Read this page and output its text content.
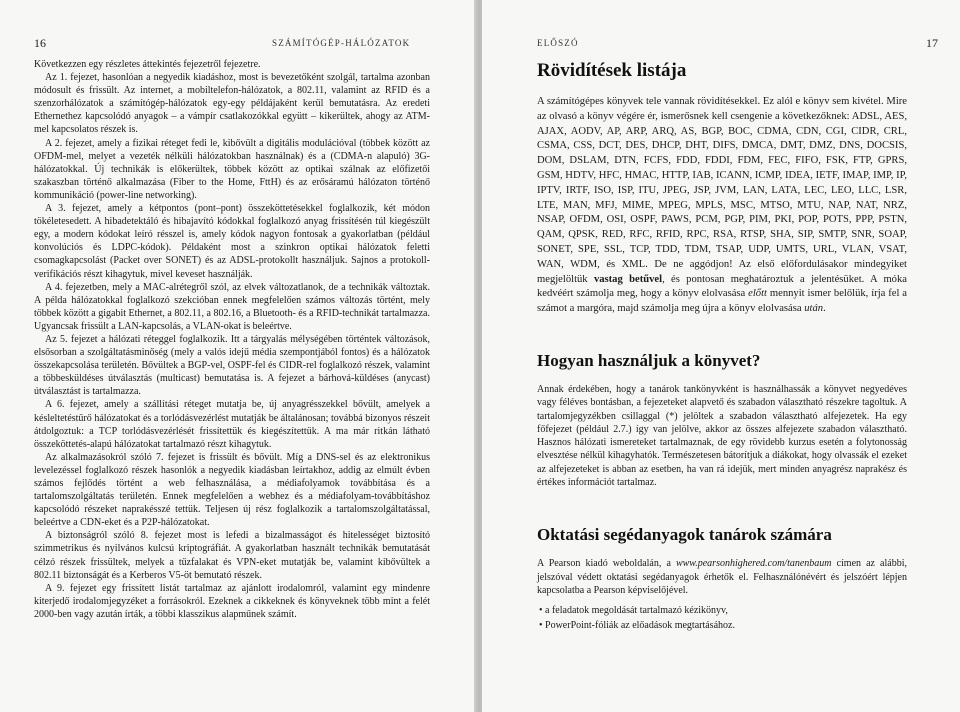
16	SZÁMÍTÓGÉP-HÁLÓZATOK

Következzen egy részletes áttekintés fejezetről fejezetre.

Az 1. fejezet, hasonlóan a negyedik kiadáshoz, most is bevezetőként szolgál, tartalma azonban módosult és frissült. Az internet, a mobiltelefon-hálózatok, a 802.11, valamint az RFID és a szenzorhálózatok a számítógép-hálózatok egy-egy példájaként kerül bemutatásra. Az eredeti Ethernethez kapcsolódó anyagok – a vámpír csatlakozókkal együtt – kikerültek, ahogy az ATM-mel kapcsolatos részek is.

A 2. fejezet, amely a fizikai réteget fedi le, kibővült a digitális modulációval (többek között az OFDM-mel, melyet a vezeték nélküli hálózatokban használnak) és a (CDMA-n alapuló) 3G-hálózatokkal. Új technikák is előkerültek, többek között az optikai szálnak az előfizetői szakaszban történő alkalmazása (Fiber to the Home, FttH) és az erősáramú hálózaton történő kommunikáció (power-line networking).

A 3. fejezet, amely a kétpontos (pont–pont) összeköttetésekkel foglalkozik, két módon tökéletesedett. A hibadetektáló és hibajavító kódokkal foglalkozó anyag frissítésén túl kiegészült egy, a modern kódokat leíró résszel is, amely kódok nagyon fontosak a gyakorlatban (például konvolúciós és LDPC-kódok). Példaként most a szinkron optikai hálózatok feletti csomagkapcsolást (Packet over SONET) és az ADSL-protokollt használjuk. Sajnos a protokoll-verifikációs részt kihagytuk, mivel keveset használják.

A 4. fejezetben, mely a MAC-alrétegről szól, az elvek változatlanok, de a technikák változtak. A példa hálózatokkal foglalkozó szekcióban ennek megfelelően számos változás történt, mely többek között a gigabit Ethernet, a 802.11, a 802.16, a Bluetooth- és a RFID-technikát tartalmazza. Ugyancsak frissült a LAN-kapcsolás, a VLAN-okat is beleértve.

Az 5. fejezet a hálózati réteggel foglalkozik. Itt a tárgyalás mélységében történtek változások, elsősorban a szolgáltatásminőség (mely a valós idejű média szempontjából fontos) és a hálózatok összekapcsolása területén. Bővültek a BGP-vel, OSPF-fel és CIDR-rel foglalkozó részek, valamint a többesküldéses útválasztás (multicast) bemutatása is. A fejezet a bárhová-küldéses (anycast) útválasztást is tartalmazza.

A 6. fejezet, amely a szállítási réteget mutatja be, új anyagrésszekkel bővült, amelyek a késleltetéstűrő hálózatokat és a torlódásvezérlést mutatják be általánosan; továbbá bizonyos részeit átdolgoztuk: a TCP torlódásvezérlését frissítettük és kiegészítettük. A ma már ritkán látható összeköttetés-alapú hálózatokat tartalmazó részt kihagytuk.

Az alkalmazásokról szóló 7. fejezet is frissült és bővült. Míg a DNS-sel és az elektronikus levelezéssel foglalkozó részek hasonlók a negyedik kiadásban leírtakhoz, addig az elmúlt évben számos fejlődés történt a web felhasználása, a médiafolyamok továbbítása és a tartalomszolgáltatás területén. Ennek megfelelően a webhez és a médiafolyam-továbbításhoz kapcsolódó részeket naprakésszé tettük. Teljesen új rész foglalkozik a tartalomszolgáltatással, beleértve a CDN-eket és a P2P-hálózatokat.

A biztonságról szóló 8. fejezet most is lefedi a bizalmasságot és hitelességet biztosító szimmetrikus és nyilvános kulcsú kriptográfiát. A gyakorlatban használt technikák bemutatását célzó részek frissültek, melyek a tűzfalakat és VPN-eket mutatják be, valamint kibővültek a 802.11 biztonságát és a Kerberos V5-öt bemutató részek.

A 9. fejezet egy frissített listát tartalmaz az ajánlott irodalomról, valamint egy mindenre kiterjedő irodalomjegyzéket a forrásokról. Ezeknek a cikkeknek és könyveknek több mint a felét 2000-ben vagy azután írták, a többi klasszikus alapműnek számít.

ELŐSZÓ	17
Rövidítések listája

A számítógépes könyvek tele vannak rövidítésekkel. Ez alól e könyv sem kivétel. Mire az olvasó a könyv végére ér, ismerősnek kell csengenie a következőknek: ADSL, AES, AJAX, AODV, AP, ARP, ARQ, AS, BGP, BOC, CDMA, CDN, CGI, CIDR, CRL, CSMA, CSS, DCT, DES, DHCP, DHT, DIFS, DMCA, DMT, DMZ, DNS, DOCSIS, DOM, DSLAM, DTN, FCFS, FDD, FDDI, FDM, FEC, FIFO, FSK, FTP, GPRS, GSM, HDTV, HFC, HMAC, HTTP, IAB, ICANN, ICMP, IDEA, IETF, IMAP, IMP, IP, IPTV, IRTF, ISO, ISP, ITU, JPEG, JSP, JVM, LAN, LATA, LEC, LEO, LLC, LSR, LTE, MAN, MFJ, MIME, MPEG, MPLS, MSC, MTSO, MTU, NAP, NAT, NRZ, NSAP, OFDM, OSI, OSPF, PAWS, PCM, PGP, PIM, PKI, POP, POTS, PPP, PSTN, QAM, QPSK, RED, RFC, RFID, RPC, RSA, RTSP, SHA, SIP, SMTP, SNR, SOAP, SONET, SPE, SSL, TCP, TDD, TDM, TSAP, UDP, UMTS, URL, VLAN, VSAT, WAN, WDM, és XML. De ne aggódjon! Az első előfordulásakor mindegyiket megjelöltük vastag betűvel, és pontosan meghatároztuk a jelentésüket. A móka kedvéért számolja meg, hogy a könyv elolvasása előtt mennyit ismer belőlük, írja fel a számot a margóra, majd számolja meg újra a könyv elolvasása után.

Hogyan használjuk a könyvet?

Annak érdekében, hogy a tanárok tankönyvként is használhassák a könyvet negyedéves vagy féléves bontásban, a fejezeteket alapvető és szabadon választható részekre tagoltuk. A tartalomjegyzékben csillaggal (*) jelöltek a szabadon választható alfejezetek. Ha egy főfejezet (például 2.7.) így van jelölve, akkor az összes alfejezete szabadon választható. Hasznos hálózati ismereteket tartalmaznak, de egy rövidebb kurzus esetén a folytonosság elvesztése nélkül kihagyhatók. Természetesen bátorítjuk a diákokat, hogy olvassák el ezeket az alfejezeteket is abban az esetben, ha van rá idejük, mert minden anyagrész naprakész és értékes információt tartalmaz.

Oktatási segédanyagok tanárok számára

A Pearson kiadó weboldalán, a www.pearsonhighered.com/tanenbaum címen az alábbi, jelszóval védett oktatási segédanyagok érhetők el. Felhasználónévért és jelszóért lépjen kapcsolatba a Pearson képviselőjével.

• a feladatok megoldását tartalmazó kézikönyv,
• PowerPoint-fóliák az előadások megtartásához.
